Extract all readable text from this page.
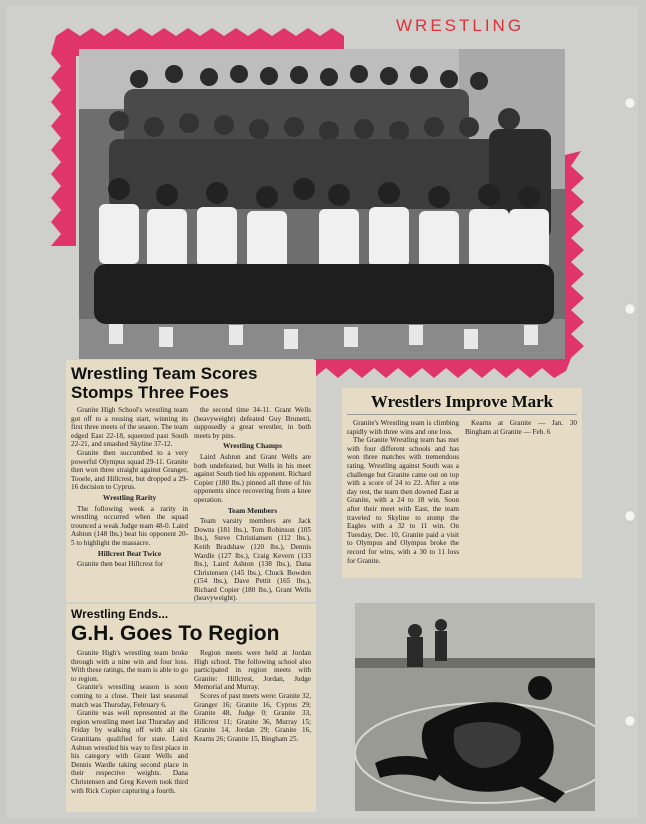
WRESTLING
Wrestling Team Scores Stomps Three Foes

Granite High School's wrestling team got off to a rousing start, winning its first three meets of the season. The team edged East 22-18, squeezed past South 22-21, and smashed Skyline 37-12.

Granite then succumbed to a very powerful Olympus squad 29-11. Granite then won three straight against Granger, Tooele, and Hillcrest, but dropped a 29-16 decision to Cyprus.

Wrestling Rarity

The following week a rarity in wrestling occurred when the squad trounced a weak Judge team 48-0. Laird Ashton (148 lbs.) beat his opponent 20-5 to highlight the massacre.

Hillcrest Beat Twice

Granite then beat Hillcrest for

the second time 34-11. Grant Wells (heavyweight) defeated Guy Brunetti, supposedly a great wrestler, in both meets by pins.

Wrestling Champs

Laird Ashton and Grant Wells are both undefeated, but Wells in his meet against South tied his opponent. Richard Copier (180 lbs.) pinned all three of his opponents since recovering from a knee operation.

Team Members

Team varsity members are Jack Downs (181 lbs.), Tom Robinson (105 lbs.), Steve Christiansen (112 lbs.), Keith Bradshaw (120 lbs.), Dennis Wardle (127 lbs.), Craig Kevern (133 lbs.), Laird Ashton (138 lbs.), Dana Christensen (145 lbs.), Chuck Bowden (154 lbs.), Dave Pettit (165 lbs.), Richard Copier (180 lbs.), Grant Wells (heavyweight).

Wrestlers Improve Mark

Granite's Wrestling team is climbing rapidly with three wins and one loss.

The Granite Wrestling team has met with four different schools and has won three matches with tremendous rating. Wrestling against South was a challenge but Granite came out on top with a score of 24 to 22. After a one day rest, the team then downed East at Granite, with a 24 to 18 win. Soon after their meet with East, the team traveled to Skyline to stomp the Eagles with a 32 to 11 win. On Tuesday, Dec. 10, Granite paid a visit to Olympus and Olympus broke the record for wins, with a 30 to 11 loss for Granite.

Kearns at Granite — Jan. 30 Bingham at Granite — Feb. 6

Wrestling Ends...
G.H. Goes To Region

Granite High's wrestling team broke through with a nine win and four loss. With these ratings, the team is able to go to region.

Granite's wrestling season is soon coming to a close. Their last seasonal match was Thursday, February 6.

Granite was well represented at the region wrestling meet last Thursday and Friday by walking off with all six Granitians qualified for state. Laird Ashton wrestled his way to first place in his category with Grant Wells and Dennis Wardle taking second place in their respective weights. Dana Christensen and Greg Kevern took third with Rick Copier capturing a fourth.

Region meets were held at Jordan High school. The following school also participated in region meets with Granite: Hillcrest, Jordan, Judge Memorial and Murray.

Scores of past meets were: Granite 32, Granger 16; Granite 16, Cyprus 29; Granite 48, Judge 0; Granite 33, Hillcrest 11; Granite 36, Murray 15; Granite 14, Jordan 29; Granite 16, Kearns 26; Granite 15, Bingham 25.
